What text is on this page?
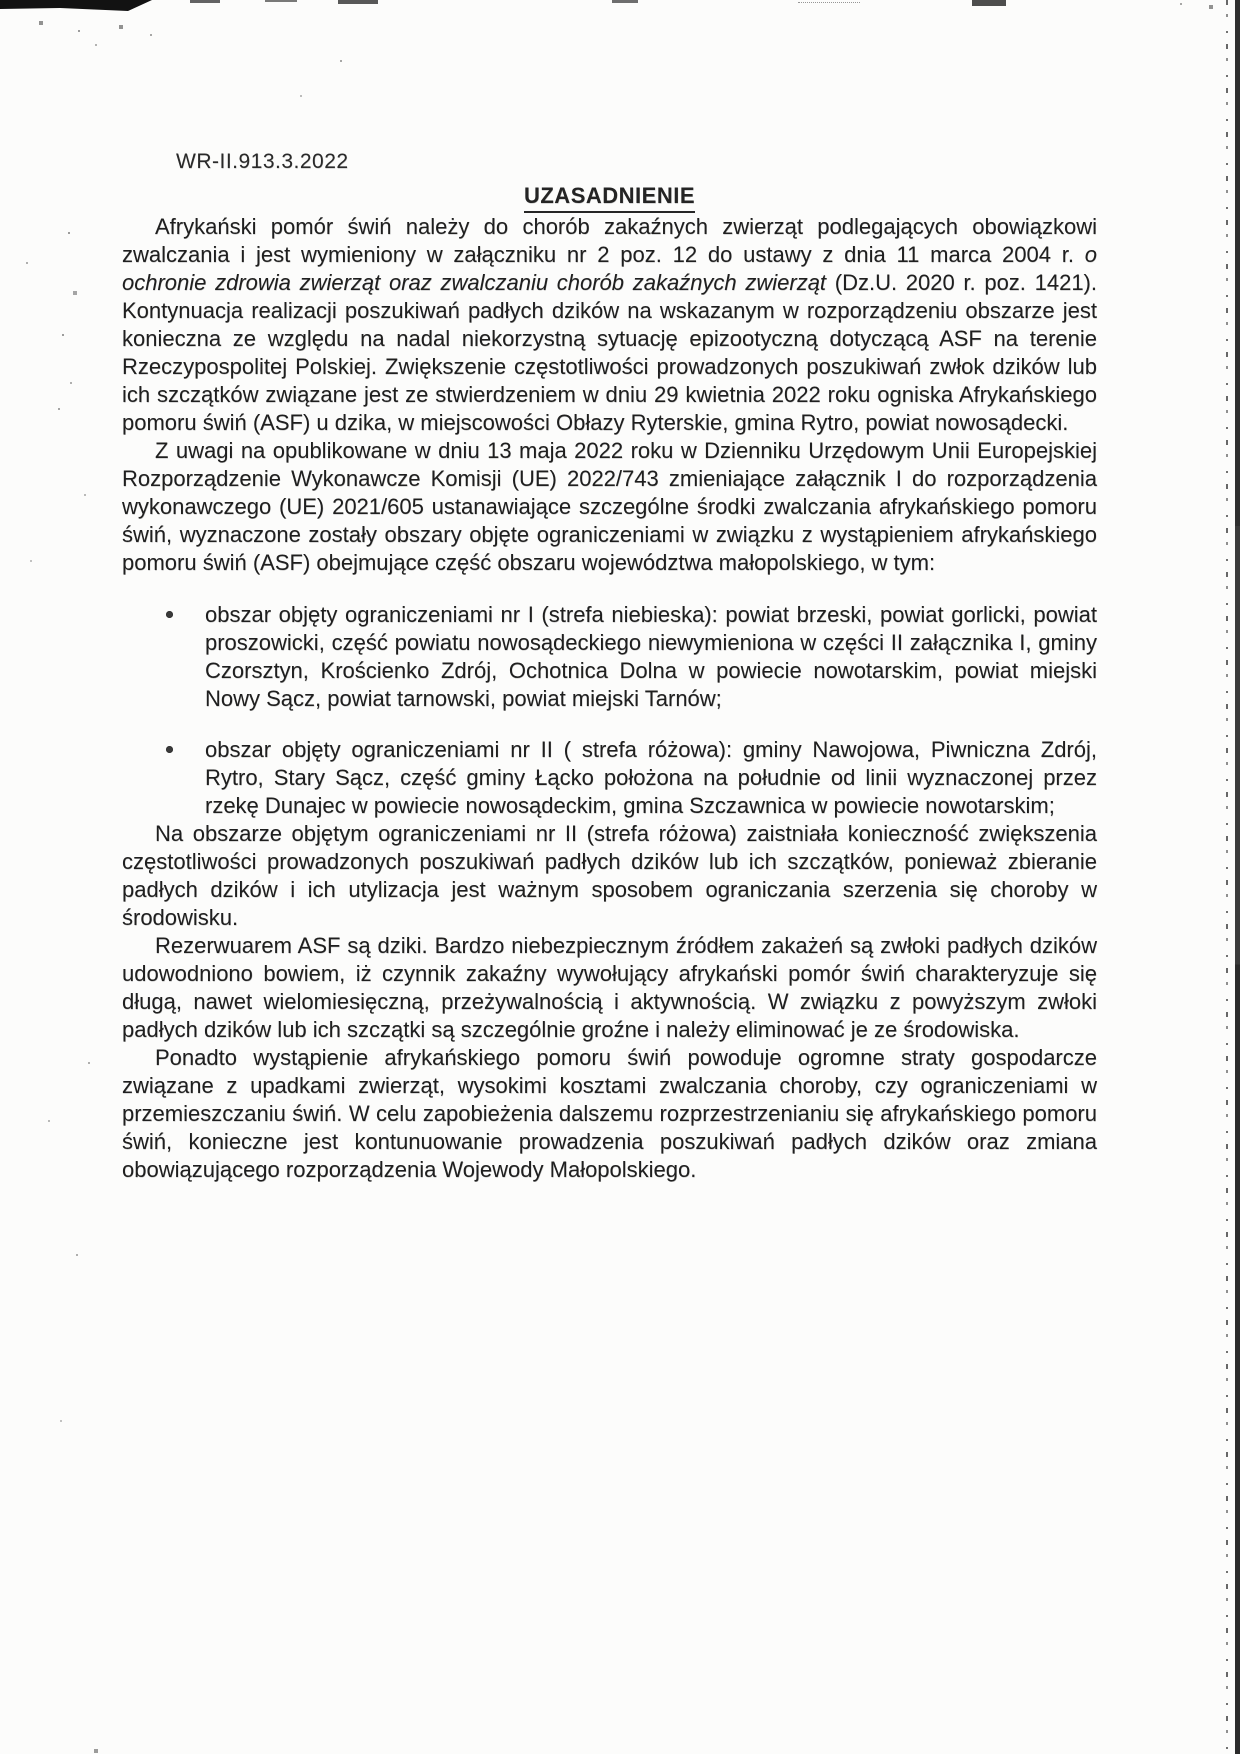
WR-II.913.3.2022
UZASADNIENIE

Afrykański pomór świń należy do chorób zakaźnych zwierząt podlegających obowiązkowi zwalczania i jest wymieniony w załączniku nr 2 poz. 12 do ustawy z dnia 11 marca 2004 r. o ochronie zdrowia zwierząt oraz zwalczaniu chorób zakaźnych zwierząt (Dz.U. 2020 r. poz. 1421). Kontynuacja realizacji poszukiwań padłych dzików na wskazanym w rozporządzeniu obszarze jest konieczna ze względu na nadal niekorzystną sytuację epizootyczną dotyczącą ASF na terenie Rzeczypospolitej Polskiej. Zwiększenie częstotliwości prowadzonych poszukiwań zwłok dzików lub ich szczątków związane jest ze stwierdzeniem w dniu 29 kwietnia 2022 roku ogniska Afrykańskiego pomoru świń (ASF) u dzika, w miejscowości Obłazy Ryterskie, gmina Rytro, powiat nowosądecki.

Z uwagi na opublikowane w dniu 13 maja 2022 roku w Dzienniku Urzędowym Unii Europejskiej Rozporządzenie Wykonawcze Komisji (UE) 2022/743 zmieniające załącznik I do rozporządzenia wykonawczego (UE) 2021/605 ustanawiające szczególne środki zwalczania afrykańskiego pomoru świń, wyznaczone zostały obszary objęte ograniczeniami w związku z wystąpieniem afrykańskiego pomoru świń (ASF) obejmujące część obszaru województwa małopolskiego, w tym:

obszar objęty ograniczeniami nr I (strefa niebieska): powiat brzeski, powiat gorlicki, powiat proszowicki, część powiatu nowosądeckiego niewymieniona w części II załącznika I, gminy Czorsztyn, Krościenko Zdrój, Ochotnica Dolna w powiecie nowotarskim, powiat miejski Nowy Sącz, powiat tarnowski, powiat miejski Tarnów;
obszar objęty ograniczeniami nr II ( strefa różowa): gminy Nawojowa, Piwniczna Zdrój, Rytro, Stary Sącz, część gminy Łącko położona na południe od linii wyznaczonej przez rzekę Dunajec w powiecie nowosądeckim, gmina Szczawnica w powiecie nowotarskim;

Na obszarze objętym ograniczeniami nr II (strefa różowa) zaistniała konieczność zwiększenia częstotliwości prowadzonych poszukiwań padłych dzików lub ich szczątków, ponieważ zbieranie padłych dzików i ich utylizacja jest ważnym sposobem ograniczania szerzenia się choroby w środowisku.

Rezerwuarem ASF są dziki. Bardzo niebezpiecznym źródłem zakażeń są zwłoki padłych dzików udowodniono bowiem, iż czynnik zakaźny wywołujący afrykański pomór świń charakteryzuje się długą, nawet wielomiesięczną, przeżywalnością i aktywnością. W związku z powyższym zwłoki padłych dzików lub ich szczątki są szczególnie groźne i należy eliminować je ze środowiska.

Ponadto wystąpienie afrykańskiego pomoru świń powoduje ogromne straty gospodarcze związane z upadkami zwierząt, wysokimi kosztami zwalczania choroby, czy ograniczeniami w przemieszczaniu świń. W celu zapobieżenia dalszemu rozprzestrzenianiu się afrykańskiego pomoru świń, konieczne jest kontunuowanie prowadzenia poszukiwań padłych dzików oraz zmiana obowiązującego rozporządzenia Wojewody Małopolskiego.
